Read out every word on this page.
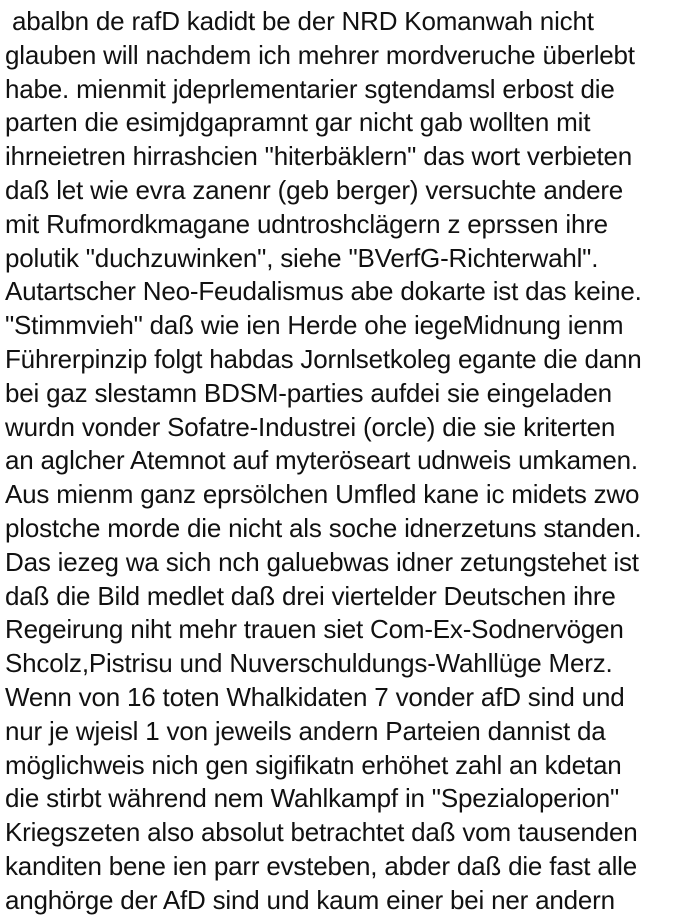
abalbn de rafD kadidt be der NRD Komanwah nicht
glauben will nachdem ich mehrer mordveruche überlebt
habe. mienmit jdeprlementarier sgtendamsl erbost die
parten die esimjdgapramnt gar nicht gab wollten mit
ihrneietren hirrashcien "hiterbäklern" das wort verbieten
daß let wie evra zanenr (geb berger) versuchte andere
mit Rufmordkmagane udntroshclägern z eprssen ihre
polutik "duchzuwinken", siehe "BVerfG-Richterwahl".
Autartscher Neo-Feudalismus abe dokarte ist das keine.
"Stimmvieh" daß wie ien Herde ohe iegeMidnung ienm
Führerpinzip folgt habdas Jornlsetkoleg egante die dann
bei gaz slestamn BDSM-parties aufdei sie eingeladen
wurdn vonder Sofatre-Industrei (orcle) die sie kriterten
an aglcher Atemnot auf myteröseart udnweis umkamen.
Aus mienm ganz eprsölchen Umfled kane ic midets zwo
plostche morde die nicht als soche idnerzetuns standen.
Das iezeg wa sich nch galuebwas idner zetungstehet ist
daß die Bild medlet daß drei viertelder Deutschen ihre
Regeirung niht mehr trauen siet Com-Ex-Sodnervögen
Shcolz,Pistrisu und Nuverschuldungs-Wahllüge Merz.
Wenn von 16 toten Whalkidaten 7 vonder afD sind und
nur je wjeisl 1 von jeweils andern Parteien dannist da
möglichweis nich gen sigifikatn erhöhet zahl an kdetan
die stirbt während nem Wahlkampf in "Spezialoperion"
Kriegszeten also absolut betrachtet daß vom tausenden
kanditen bene ien parr evsteben, abder daß die fast alle
anghörge der AfD sind und kaum einer bei ner andern
